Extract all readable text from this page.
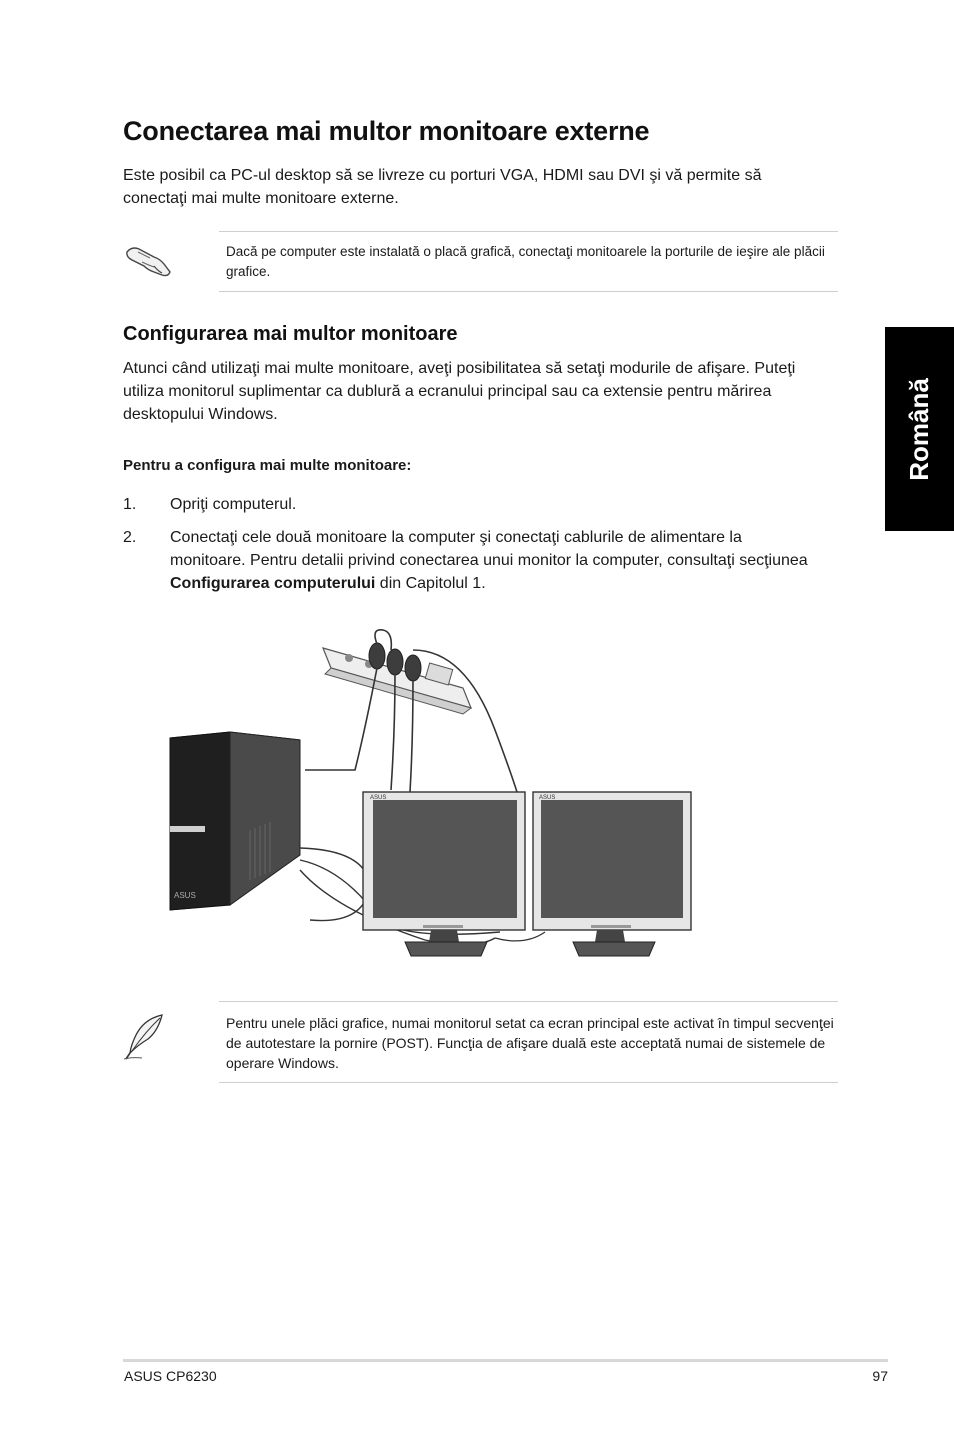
Conectarea mai multor monitoare externe

Este posibil ca PC-ul desktop să se livreze cu porturi VGA, HDMI sau DVI şi vă permite să conectaţi mai multe monitoare externe.

Dacă pe computer este instalată o placă grafică, conectaţi monitoarele la porturile de ieşire ale plăcii grafice.
Configurarea mai multor monitoare

Atunci când utilizaţi mai multe monitoare, aveţi posibilitatea să setaţi modurile de afişare. Puteţi utiliza monitorul suplimentar ca dublură a ecranului principal sau ca extensie pentru mărirea desktopului Windows.

Pentru a configura mai multe monitoare:
1. Opriţi computerul.
2. Conectaţi cele două monitoare la computer şi conectaţi cablurile de alimentare la monitoare. Pentru detalii privind conectarea unui monitor la computer, consultaţi secţiunea Configurarea computerului din Capitolul 1.
ASUS
ASUS	ASUS
Pentru unele plăci grafice, numai monitorul setat ca ecran principal este activat în timpul secvenţei de autotestare la pornire (POST). Funcţia de afişare duală este acceptată numai de sistemele de operare Windows.
Română
ASUS CP6230	97
